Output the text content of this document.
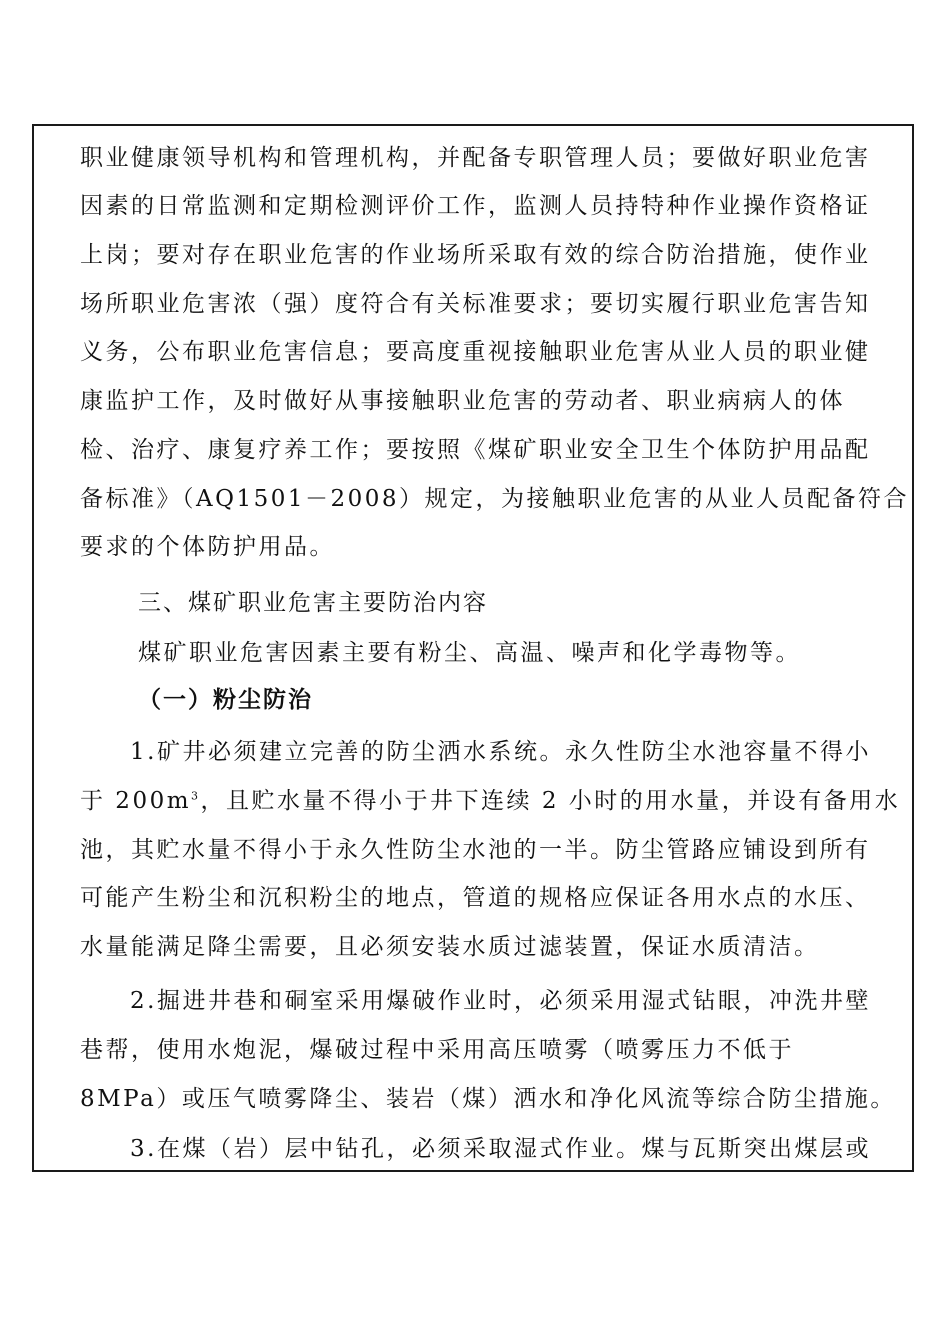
职业健康领导机构和管理机构，并配备专职管理人员；要做好职业危害
因素的日常监测和定期检测评价工作，监测人员持特种作业操作资格证
上岗；要对存在职业危害的作业场所采取有效的综合防治措施，使作业
场所职业危害浓（强）度符合有关标准要求；要切实履行职业危害告知
义务，公布职业危害信息；要高度重视接触职业危害从业人员的职业健
康监护工作，及时做好从事接触职业危害的劳动者、职业病病人的体
检、治疗、康复疗养工作；要按照《煤矿职业安全卫生个体防护用品配
备标准》（AQ1501－2008）规定，为接触职业危害的从业人员配备符合
要求的个体防护用品。
三、煤矿职业危害主要防治内容
煤矿职业危害因素主要有粉尘、高温、噪声和化学毒物等。
（一）粉尘防治
1.矿井必须建立完善的防尘洒水系统。永久性防尘水池容量不得小
于 $200m^3$，且贮水量不得小于井下连续 2 小时的用水量，并设有备用水
池，其贮水量不得小于永久性防尘水池的一半。防尘管路应铺设到所有
可能产生粉尘和沉积粉尘的地点，管道的规格应保证各用水点的水压、
水量能满足降尘需要，且必须安装水质过滤装置，保证水质清洁。
2.掘进井巷和硐室采用爆破作业时，必须采用湿式钻眼，冲洗井壁
巷帮，使用水炮泥，爆破过程中采用高压喷雾（喷雾压力不低于
8MPa）或压气喷雾降尘、装岩（煤）洒水和净化风流等综合防尘措施。
3.在煤（岩）层中钻孔，必须采取湿式作业。煤与瓦斯突出煤层或
